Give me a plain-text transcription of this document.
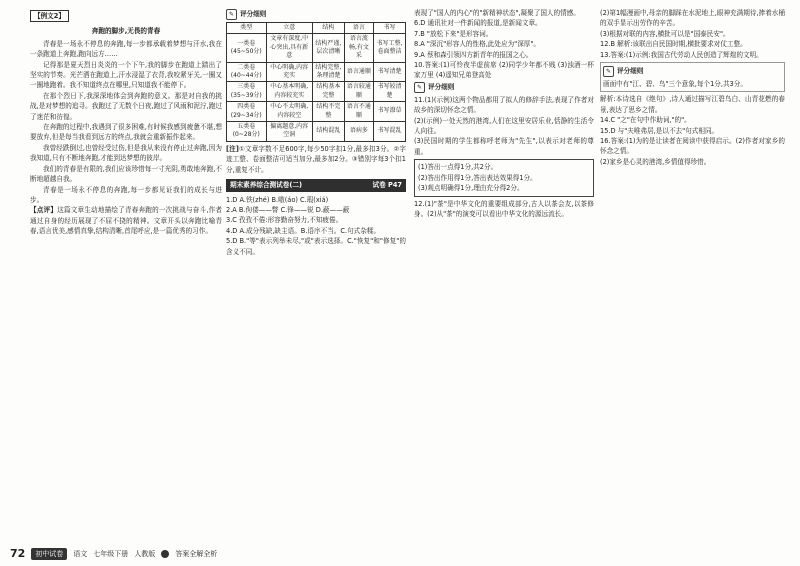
【例文2】
奔跑的脚步,无畏的青春

青春是一场永不停息的奔跑,每一步都承载着梦想与汗水,我在一条跑道上奔跑,跑向远方……

记得那是夏天烈日炎炎的一个下午,我的脚步在跑道上踏出了坚实的节奏。光芒洒在跑道上,汗水浸湿了衣背,我咬紧牙关,一圈又一圈地跑着。我不知道终点在哪里,只知道我不能停下。

在那个烈日下,我深深地体会到奔跑的意义。那是对自我的挑战,是对梦想的追寻。我跑过了无数个日夜,跑过了风雨和泥泞,跑过了迷茫和彷徨。

在奔跑的过程中,我遇到了很多困难,有时候我感到疲惫不堪,想要放弃,但是每当我看到远方的终点,我就会重新振作起来。

我曾经跌倒过,也曾经受过伤,但是我从来没有停止过奔跑,因为我知道,只有不断地奔跑,才能到达梦想的彼岸。

我们的青春是有限的,我们应该珍惜每一寸光阴,勇敢地奔跑,不断地超越自我。

青春是一场永不停息的奔跑,每一步都见证我们的成长与进步。

【点评】这篇文章生动地描绘了青春奔跑的一次挑战与奋斗,作者通过自身的经历展现了不屈不挠的精神。文章开头以奔跑比喻青春,语言优美,感情真挚,结构清晰,首尾呼应,是一篇优秀的习作。

✎ 评分细则
类型	立意	结构	语言	书写
一类卷(45~50分)	文章有深度,中心突出,具有新意	结构严谨,层次清晰	语言流畅,有文采	书写工整,卷面整洁
二类卷(40~44分)	中心明确,内容充实	结构完整,条理清楚	语言通顺	书写清楚
三类卷(35~39分)	中心基本明确,内容较充实	结构基本完整	语言较通顺	书写较清楚
四类卷(29~34分)	中心不太明确,内容较空	结构不完整	语言不通顺	书写潦草
五类卷(0~28分)	偏离题意,内容空洞	结构混乱	语病多	书写混乱

[注]①文章字数不足600字,每少50字扣1分,最多扣3分。②字迹工整、卷面整洁可适当加分,最多加2分。③错别字每3个扣1分,重复不计。

期末素养综合测试卷(二)	试卷 P47

1.D A.铁(zhé) B.嗷(áo) C.瑕(xiá)

2.A B.佝偻——瞥 C.锋——锐 D.蔽——蔽

3.C 孜孜不倦:形容勤奋努力,不知疲倦。

4.D A.成分残缺,缺主语。B.语序不当。C.句式杂糅。

5.D B."等"表示列举未尽,"或"表示选择。C."恢复"和"修复"的含义不同。

表现了"国人的内心"的"新精神状态",凝聚了国人的情感。

6.D 通讯社对一件新闻的报道,是新闻文章。

7.B "放松下来"是形容词。

8.A "深沉"形容人的性格,此处应为"深厚"。

9.A 蔡和森引领四方新青年的报国之心。

10.答案:(1)可怜夜半虚前席 (2)同学少年都不贱 (3)浊酒一杯家万里 (4)遥知兄弟登高处

✎ 评分细则

11.(1)(示例)这两个物品都用了拟人的修辞手法,表现了作者对故乡的深切怀念之情。

(2)(示例)一处天然的港湾,人们在这里安居乐业,恬静的生活令人向往。

(3)民国时期的学生都称呼老师为"先生",以表示对老师的尊重。

(1)答出一点得1分,共2分。

(2)答出作用得1分,答出表达效果得1分。

(3)观点明确得1分,理由充分得2分。

12.(1)"茶"是中华文化的重要组成部分,古人以茶会友,以茶修身。(2)从"茶"的演变可以看出中华文化的源远流长。

(2)第1幅漫画中,母亲的脚踩在水泥地上,眼神充满期待,捧着水桶的双手显示出劳作的辛苦。

(3)根据对联的内容,横批可以是"国泰民安"。

12.B 解析:该联出自民国时期,横批要求对仗工整。

13.答案:(1)示例:我国古代劳动人民创造了辉煌的文明。

✎ 评分细则

画面中有"江、碧、鸟"三个意象,每个1分,共3分。

解析:本诗选自《绝句》,诗人通过描写江碧鸟白、山青花燃的春景,表达了思乡之情。

14.C "之"在句中作助词,"的"。

15.D 与"夫唯弗居,是以不去"句式相同。

16.答案:(1)为的是让读者在阅读中获得启示。(2)作者对家乡的怀念之情。

(2)家乡是心灵的港湾,乡情值得珍惜。

72	初中试卷	语文 七年级下册 人教版	答案全解全析
